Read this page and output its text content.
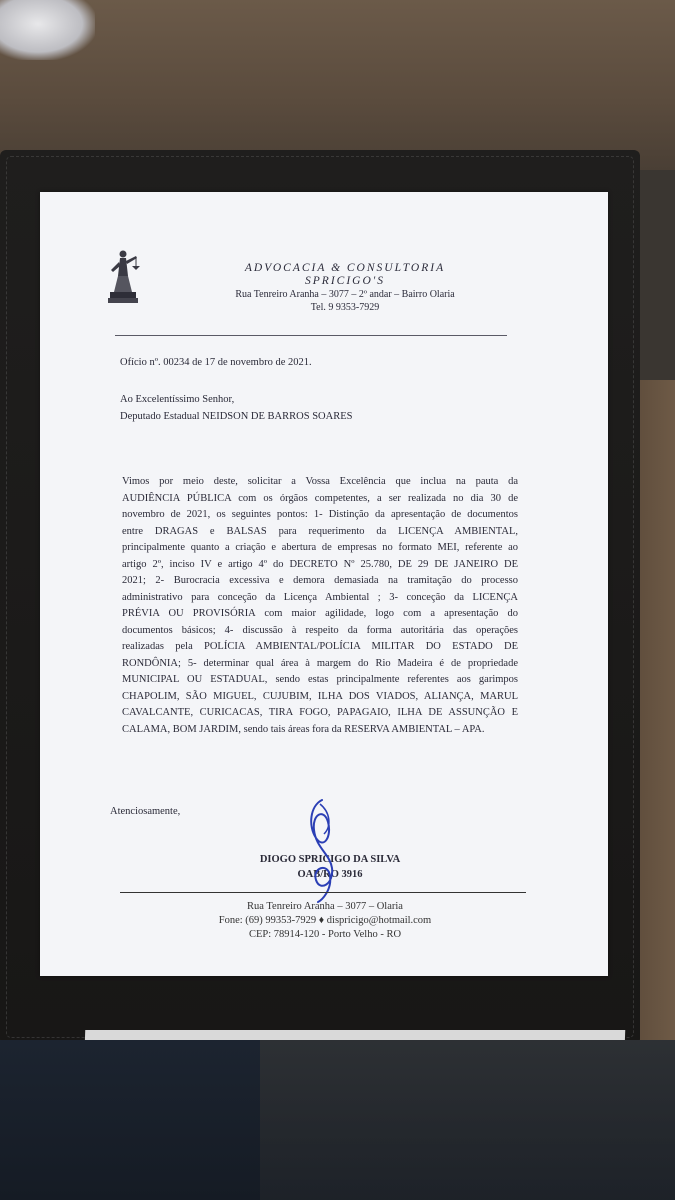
ADVOCACIA & CONSULTORIA
SPRICIGO'S
Rua Tenreiro Aranha – 3077 – 2º andar – Bairro Olaria
Tel. 9 9353-7929
Ofício nº. 00234 de 17 de novembro de 2021.
Ao Excelentíssimo Senhor,
Deputado Estadual NEIDSON DE BARROS SOARES
Vimos por meio deste, solicitar a Vossa Excelência que inclua na pauta da
AUDIÊNCIA PÚBLICA com os órgãos competentes, a ser realizada no dia 30 de
novembro de 2021, os seguintes pontos: 1- Distinção da apresentação de documentos
entre DRAGAS e BALSAS para requerimento da LICENÇA AMBIENTAL,
principalmente quanto a criação e abertura de empresas no formato MEI, referente ao
artigo 2º, inciso IV e artigo 4º do DECRETO Nº 25.780, DE 29 DE JANEIRO DE
2021; 2- Burocracia excessiva e demora demasiada na tramitação do processo
administrativo para conceção da Licença Ambiental ; 3- conceção da LICENÇA
PRÉVIA OU PROVISÓRIA com maior agilidade, logo com a apresentação do
documentos básicos; 4- discussão à respeito da forma autoritária das operações
realizadas pela POLÍCIA AMBIENTAL/POLÍCIA MILITAR DO ESTADO DE
RONDÔNIA; 5- determinar qual área à margem do Rio Madeira é de propriedade
MUNICIPAL OU ESTADUAL, sendo estas principalmente referentes aos garimpos
CHAPOLIM, SÃO MIGUEL, CUJUBIM, ILHA DOS VIADOS, ALIANÇA, MARUL
CAVALCANTE, CURICACAS, TIRA FOGO, PAPAGAIO, ILHA DE ASSUNÇÃO E
CALAMA, BOM JARDIM, sendo tais áreas fora da RESERVA AMBIENTAL – APA.
Atenciosamente,
DIOGO SPRICIGO DA SILVA
OAB/RO 3916
Rua Tenreiro Aranha – 3077 – Olaria
Fone: (69) 99353-7929 ♦ dispricigo@hotmail.com
CEP: 78914-120 - Porto Velho - RO
